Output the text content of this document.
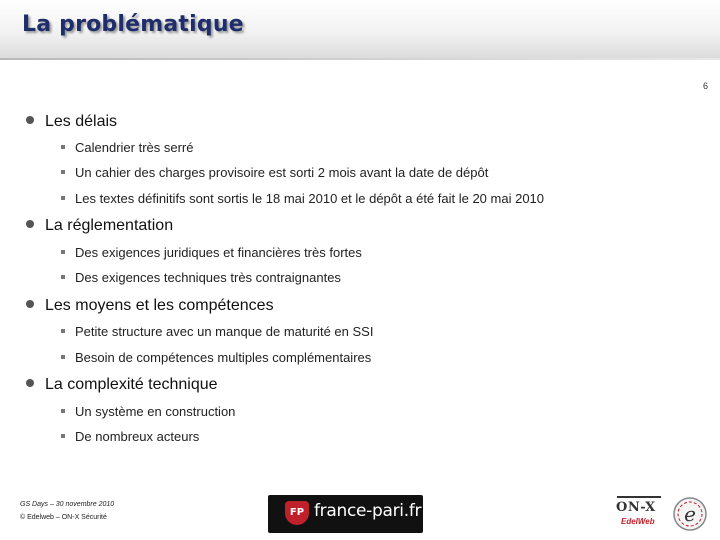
La problématique
6
Les délais
Calendrier très serré
Un cahier des charges provisoire est sorti 2 mois avant la date de dépôt
Les textes définitifs sont sortis le 18 mai 2010 et le dépôt a été fait le 20 mai 2010
La réglementation
Des exigences juridiques et financières très fortes
Des exigences techniques très contraignantes
Les moyens et les compétences
Petite structure avec un manque de maturité en SSI
Besoin de compétences multiples complémentaires
La complexité technique
Un système en construction
De nombreux acteurs
GS Days – 30 novembre 2010
© Edelweb – ON-X Sécurité	FP france-pari.fr	ON-X
EdelWeb e
